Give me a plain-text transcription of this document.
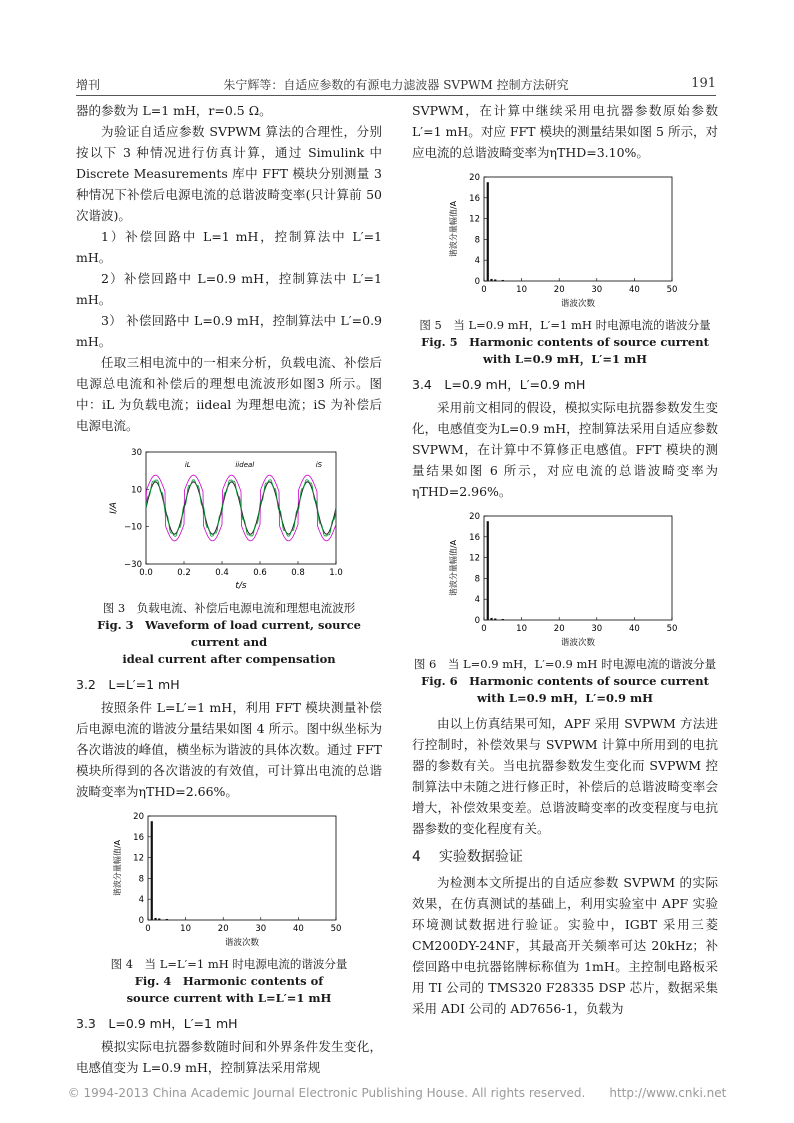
增刊	朱宁辉等：自适应参数的有源电力滤波器 SVPWM 控制方法研究	191

器的参数为 L=1 mH，r=0.5 Ω。

为验证自适应参数 SVPWM 算法的合理性，分别按以下 3 种情况进行仿真计算，通过 Simulink 中 Discrete Measurements 库中 FFT 模块分别测量 3 种情况下补偿后电源电流的总谐波畸变率(只计算前 50 次谐波)。

1）补偿回路中 L=1 mH，控制算法中 L′=1 mH。

2）补偿回路中 L=0.9 mH，控制算法中 L′=1 mH。

3） 补偿回路中 L=0.9 mH，控制算法中 L′=0.9 mH。

任取三相电流中的一相来分析，负载电流、补偿后电源总电流和补偿后的理想电流波形如图3 所示。图中：iL 为负载电流；iideal 为理想电流；iS 为补偿后电源电流。

0.0	0.2	0.4	0.6	0.8	1.0
30
10
−10
−30
t/s
I/A
iL	iideal	iS
图 3　负载电流、补偿后电源电流和理想电流波形
Fig. 3　Waveform of load current, source current and
ideal current after compensation
3.2　L=L′=1 mH

按照条件 L=L′=1 mH，利用 FFT 模块测量补偿后电源电流的谐波分量结果如图 4 所示。图中纵坐标为各次谐波的峰值，横坐标为谐波的具体次数。通过 FFT 模块所得到的各次谐波的有效值，可计算出电流的总谐波畸变率为ηTHD=2.66%。

0	10	20	30	40	50
0
4
8
12
16
20
谐波次数
谐波分量幅值/A
图 4　当 L=L′=1 mH 时电源电流的谐波分量
Fig. 4　Harmonic contents of
source current with L=L′=1 mH
3.3　L=0.9 mH，L′=1 mH

模拟实际电抗器参数随时间和外界条件发生变化，电感值变为 L=0.9 mH，控制算法采用常规

SVPWM，在计算中继续采用电抗器参数原始参数 L′=1 mH。对应 FFT 模块的测量结果如图 5 所示，对应电流的总谐波畸变率为ηTHD=3.10%。

0	10	20	30	40	50
0
4
8
12
16
20
谐波次数
谐波分量幅值/A
图 5　当 L=0.9 mH，L′=1 mH 时电源电流的谐波分量
Fig. 5　Harmonic contents of source current
with L=0.9 mH，L′=1 mH
3.4　L=0.9 mH，L′=0.9 mH

采用前文相同的假设，模拟实际电抗器参数发生变化，电感值变为L=0.9 mH，控制算法采用自适应参数 SVPWM，在计算中不算修正电感值。FFT 模块的测量结果如图 6 所示，对应电流的总谐波畸变率为ηTHD=2.96%。

0	10	20	30	40	50
0
4
8
12
16
20
谐波次数
谐波分量幅值/A
图 6　当 L=0.9 mH，L′=0.9 mH 时电源电流的谐波分量
Fig. 6　Harmonic contents of source current
with L=0.9 mH，L′=0.9 mH

由以上仿真结果可知，APF 采用 SVPWM 方法进行控制时，补偿效果与 SVPWM 计算中所用到的电抗器的参数有关。当电抗器参数发生变化而 SVPWM 控制算法中未随之进行修正时，补偿后的总谐波畸变率会增大，补偿效果变差。总谐波畸变率的改变程度与电抗器参数的变化程度有关。

4 实验数据验证

为检测本文所提出的自适应参数 SVPWM 的实际效果，在仿真测试的基础上，利用实验室中 APF 实验环境测试数据进行验证。实验中，IGBT 采用三菱 CM200DY-24NF，其最高开关频率可达 20kHz；补偿回路中电抗器铭牌标称值为 1mH。主控制电路板采用 TI 公司的 TMS320 F28335 DSP 芯片，数据采集采用 ADI 公司的 AD7656-1，负载为

© 1994-2013 China Academic Journal Electronic Publishing House. All rights reserved.　　http://www.cnki.net
